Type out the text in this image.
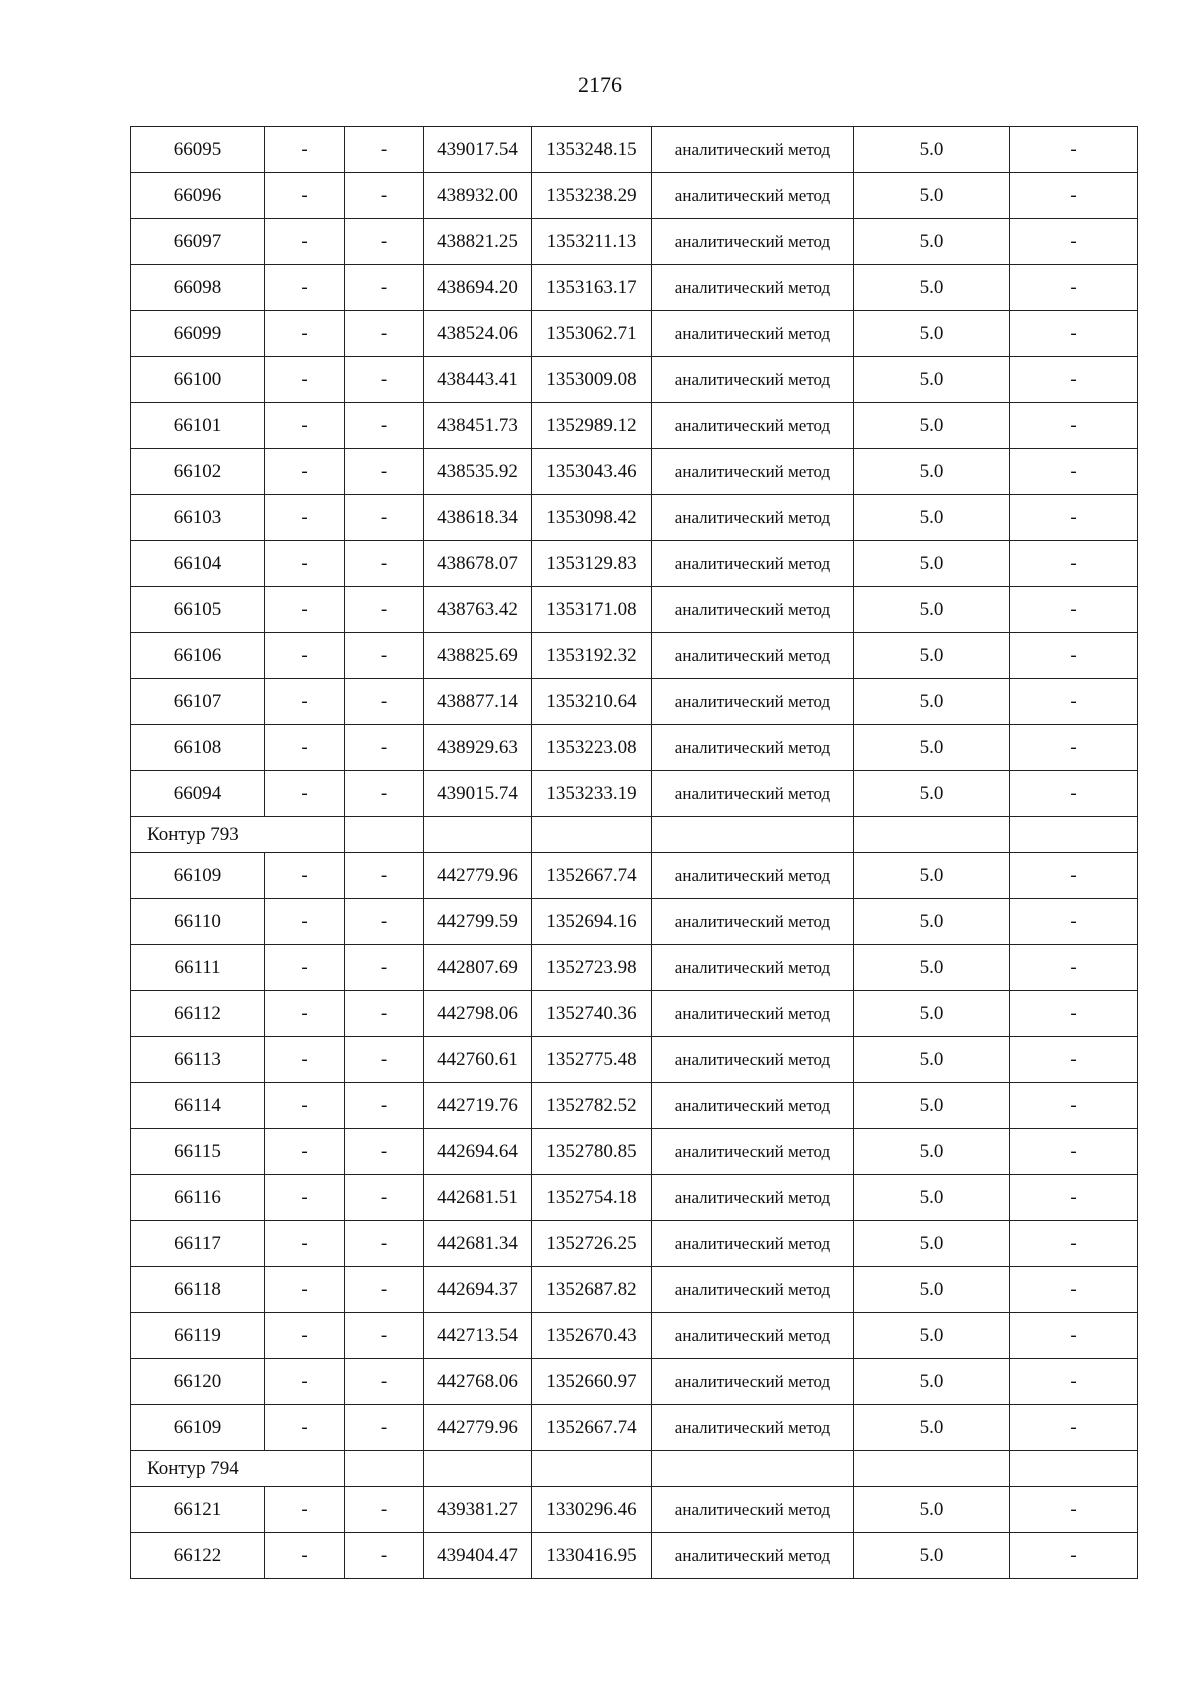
2176
66095	-	-	439017.54	1353248.15	аналитический метод	5.0	-
66096	-	-	438932.00	1353238.29	аналитический метод	5.0	-
66097	-	-	438821.25	1353211.13	аналитический метод	5.0	-
66098	-	-	438694.20	1353163.17	аналитический метод	5.0	-
66099	-	-	438524.06	1353062.71	аналитический метод	5.0	-
66100	-	-	438443.41	1353009.08	аналитический метод	5.0	-
66101	-	-	438451.73	1352989.12	аналитический метод	5.0	-
66102	-	-	438535.92	1353043.46	аналитический метод	5.0	-
66103	-	-	438618.34	1353098.42	аналитический метод	5.0	-
66104	-	-	438678.07	1353129.83	аналитический метод	5.0	-
66105	-	-	438763.42	1353171.08	аналитический метод	5.0	-
66106	-	-	438825.69	1353192.32	аналитический метод	5.0	-
66107	-	-	438877.14	1353210.64	аналитический метод	5.0	-
66108	-	-	438929.63	1353223.08	аналитический метод	5.0	-
66094	-	-	439015.74	1353233.19	аналитический метод	5.0	-
Контур 793							
66109	-	-	442779.96	1352667.74	аналитический метод	5.0	-
66110	-	-	442799.59	1352694.16	аналитический метод	5.0	-
66111	-	-	442807.69	1352723.98	аналитический метод	5.0	-
66112	-	-	442798.06	1352740.36	аналитический метод	5.0	-
66113	-	-	442760.61	1352775.48	аналитический метод	5.0	-
66114	-	-	442719.76	1352782.52	аналитический метод	5.0	-
66115	-	-	442694.64	1352780.85	аналитический метод	5.0	-
66116	-	-	442681.51	1352754.18	аналитический метод	5.0	-
66117	-	-	442681.34	1352726.25	аналитический метод	5.0	-
66118	-	-	442694.37	1352687.82	аналитический метод	5.0	-
66119	-	-	442713.54	1352670.43	аналитический метод	5.0	-
66120	-	-	442768.06	1352660.97	аналитический метод	5.0	-
66109	-	-	442779.96	1352667.74	аналитический метод	5.0	-
Контур 794							
66121	-	-	439381.27	1330296.46	аналитический метод	5.0	-
66122	-	-	439404.47	1330416.95	аналитический метод	5.0	-
